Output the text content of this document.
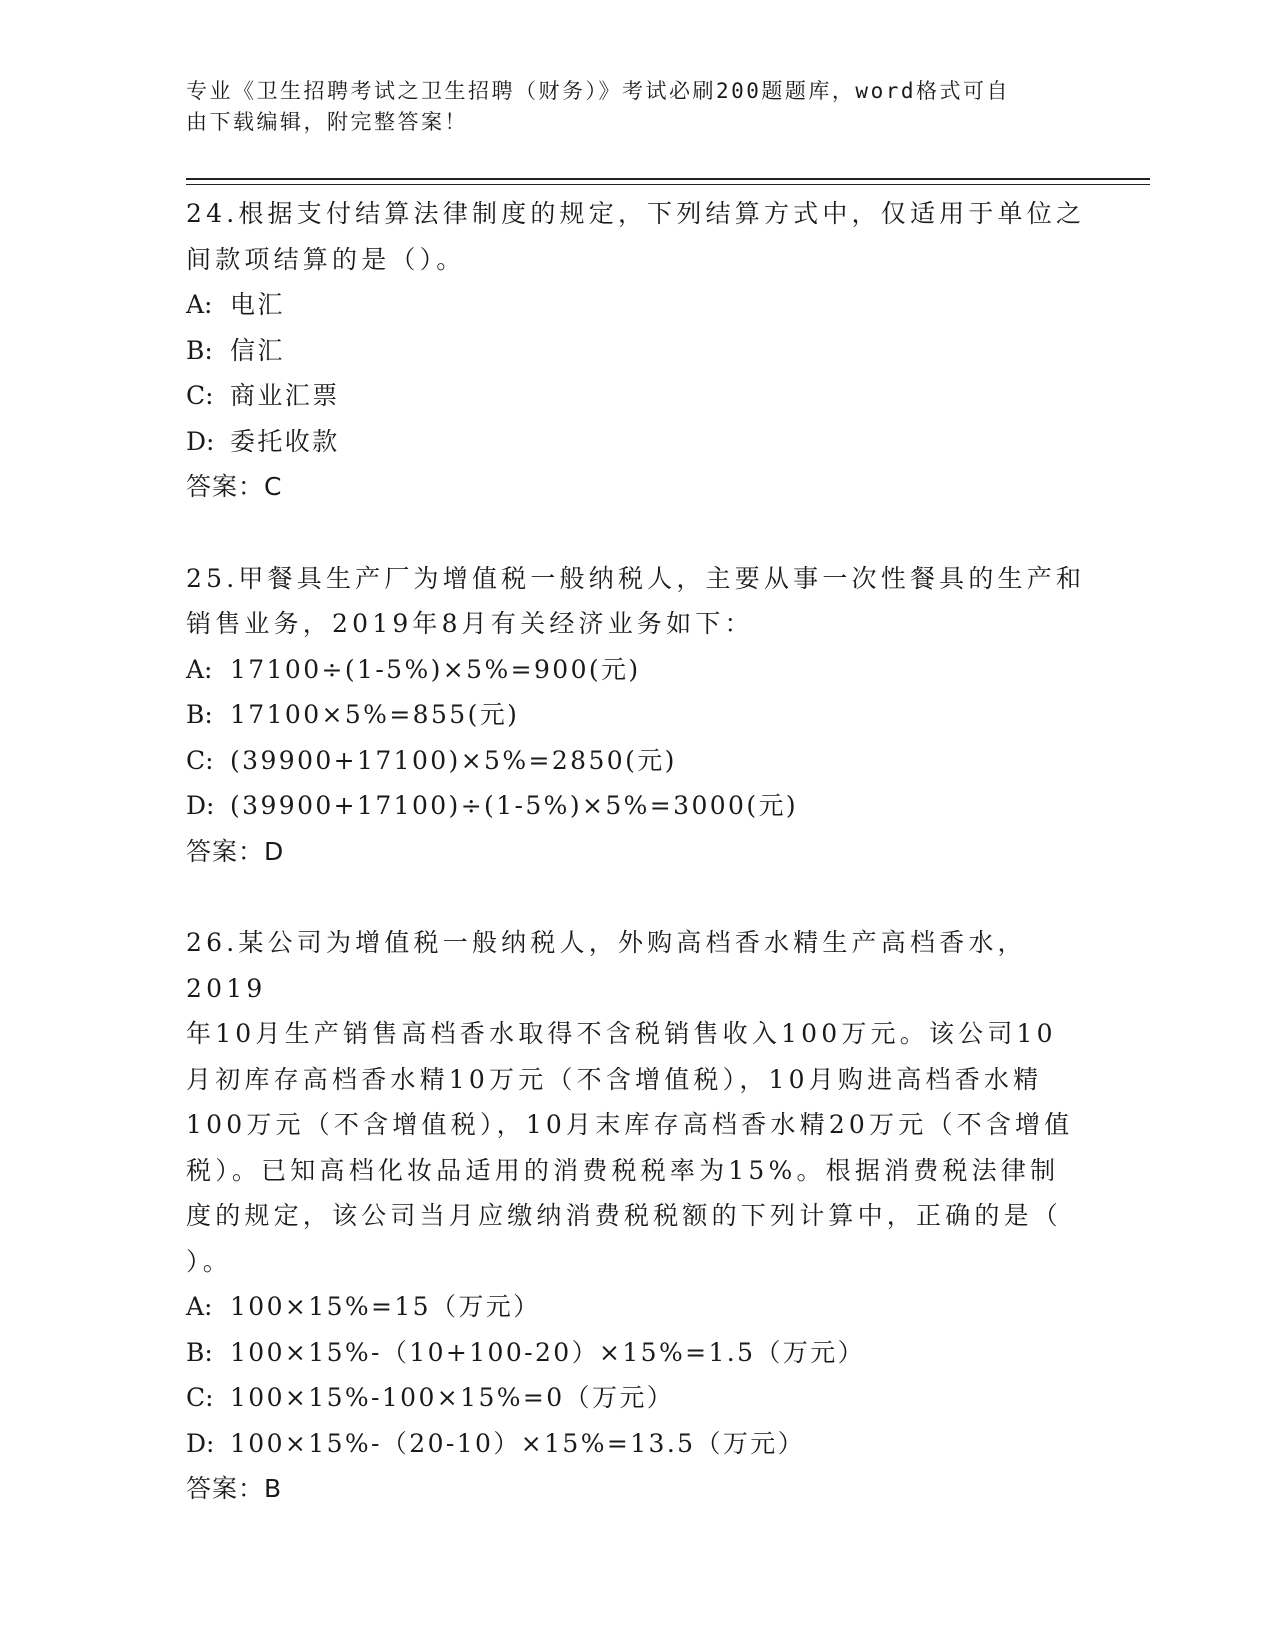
专业《卫生招聘考试之卫生招聘（财务）》考试必刷200题题库，word格式可自
由下载编辑，附完整答案！
24.根据支付结算法律制度的规定，下列结算方式中，仅适用于单位之
间款项结算的是（）。
A: 电汇
B: 信汇
C: 商业汇票
D: 委托收款
答案：C
25.甲餐具生产厂为增值税一般纳税人，主要从事一次性餐具的生产和
销售业务，2019年8月有关经济业务如下：
A: 17100÷(1-5%)×5%=900(元)
B: 17100×5%=855(元)
C: (39900+17100)×5%=2850(元)
D: (39900+17100)÷(1-5%)×5%=3000(元)
答案：D
26.某公司为增值税一般纳税人，外购高档香水精生产高档香水，2019
年10月生产销售高档香水取得不含税销售收入100万元。该公司10
月初库存高档香水精10万元（不含增值税），10月购进高档香水精
100万元（不含增值税），10月末库存高档香水精20万元（不含增值
税）。已知高档化妆品适用的消费税税率为15%。根据消费税法律制
度的规定，该公司当月应缴纳消费税税额的下列计算中，正确的是（
）。
A: 100×15%=15（万元）
B: 100×15%-（10+100-20）×15%=1.5（万元）
C: 100×15%-100×15%=0（万元）
D: 100×15%-（20-10）×15%=13.5（万元）
答案：B
